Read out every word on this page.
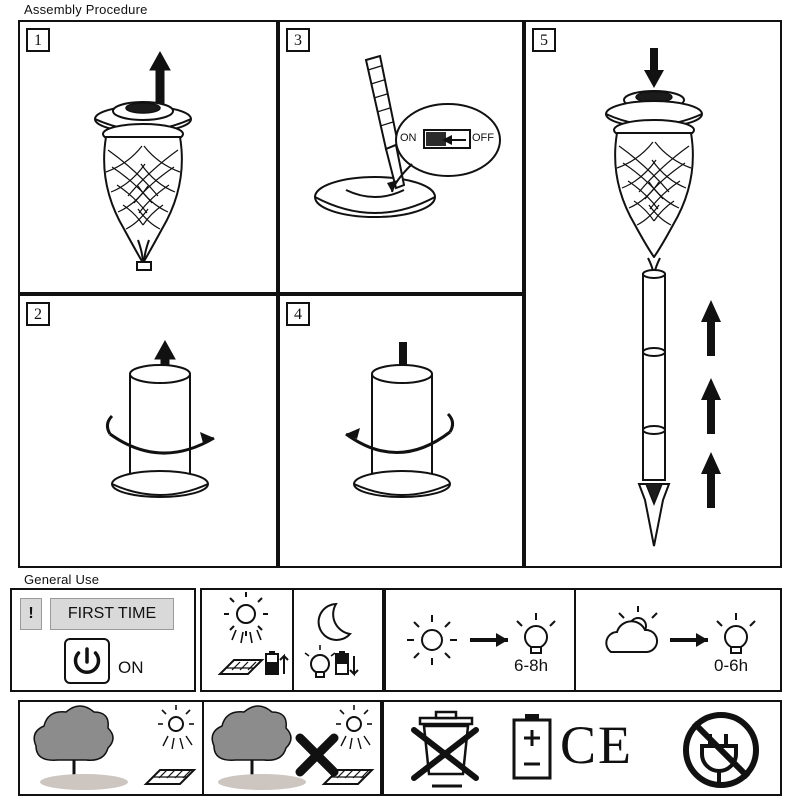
Assembly Procedure
General Use
1
2
3
ON	OFF
4
5
!	FIRST TIME
ON	6-8h	0-6h
CE
